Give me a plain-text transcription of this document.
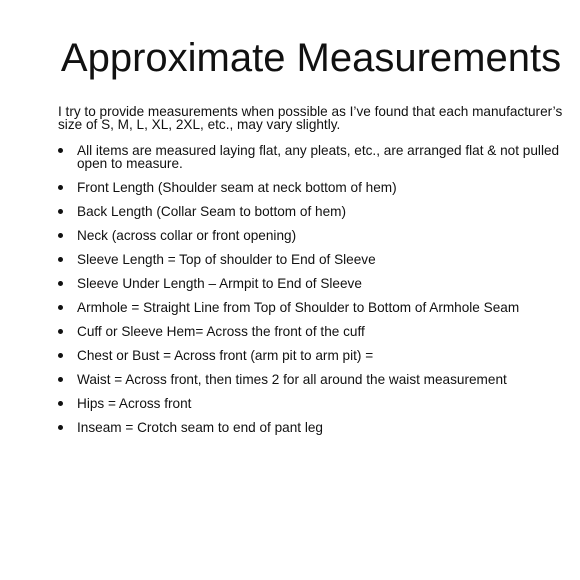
Approximate Measurements

I try to provide measurements when possible as I’ve found that each manufacturer’s size of S, M, L, XL, 2XL, etc., may vary slightly.

All items are measured laying flat, any pleats, etc., are arranged flat & not pulled open to measure.
Front Length (Shoulder seam at neck bottom of hem)
Back Length (Collar Seam to bottom of hem)
Neck (across collar or front opening)
Sleeve Length = Top of shoulder to End of Sleeve
Sleeve Under Length – Armpit to End of Sleeve
Armhole = Straight Line from Top of Shoulder to Bottom of Armhole Seam
Cuff or Sleeve Hem= Across the front of the cuff
Chest or Bust = Across front (arm pit to arm pit) =
Waist = Across front, then times 2 for all around the waist measurement
Hips = Across front
Inseam = Crotch seam to end of pant leg
